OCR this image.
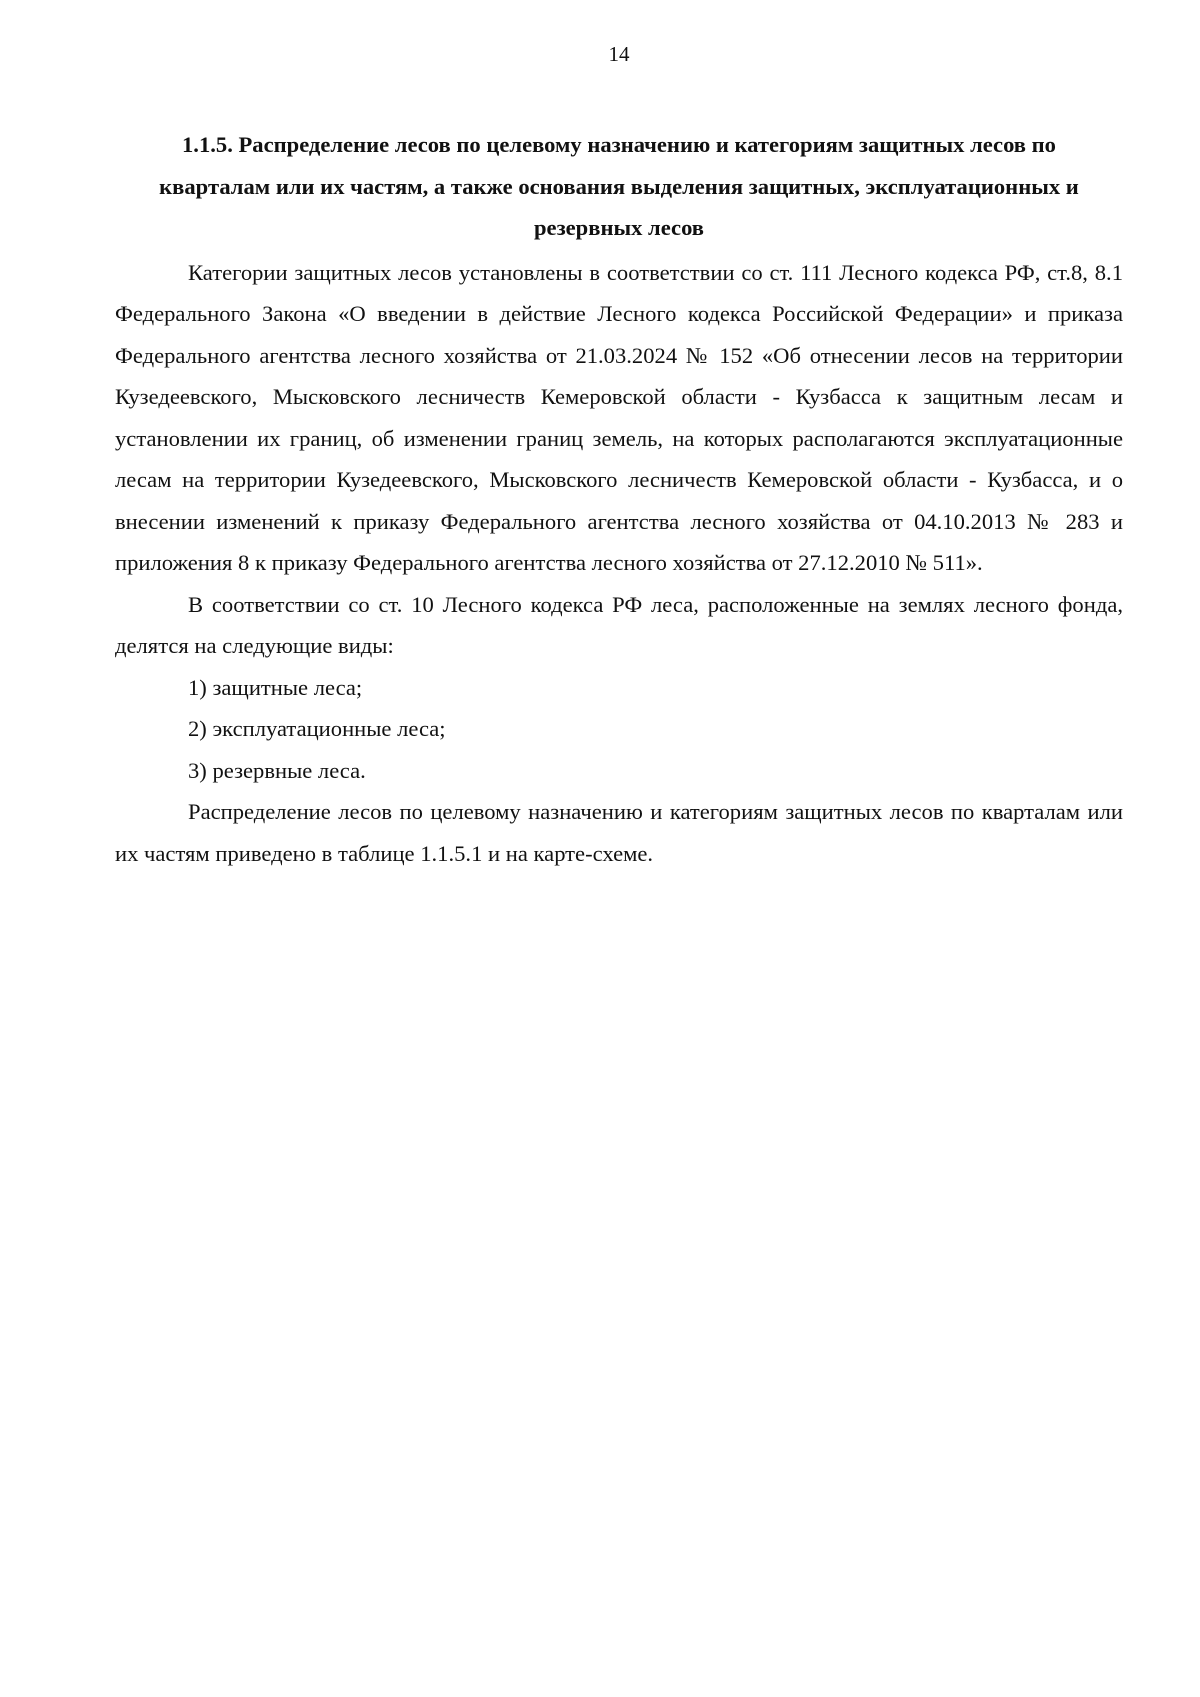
14
1.1.5. Распределение лесов по целевому назначению и категориям защитных лесов по
кварталам или их частям, а также основания выделения защитных, эксплуатационных и
резервных лесов

Категории защитных лесов установлены в соответствии со ст. 111 Лесного кодекса РФ, ст.8, 8.1 Федерального Закона «О введении в действие Лесного кодекса Российской Федерации» и приказа Федерального агентства лесного хозяйства от 21.03.2024 № 152 «Об отнесении лесов на территории Кузедеевского, Мысковского лесничеств Кемеровской области - Кузбасса к защитным лесам и установлении их границ, об изменении границ земель, на которых располагаются эксплуатационные лесам на территории Кузедеевского, Мысковского лесничеств Кемеровской области - Кузбасса, и о внесении изменений к приказу Федерального агентства лесного хозяйства от 04.10.2013 № 283 и приложения 8 к приказу Федерального агентства лесного хозяйства от 27.12.2010 № 511».

В соответствии со ст. 10 Лесного кодекса РФ леса, расположенные на землях лесного фонда, делятся на следующие виды:

1) защитные леса;

2) эксплуатационные леса;

3) резервные леса.

Распределение лесов по целевому назначению и категориям защитных лесов по кварталам или их частям приведено в таблице 1.1.5.1 и на карте-схеме.
